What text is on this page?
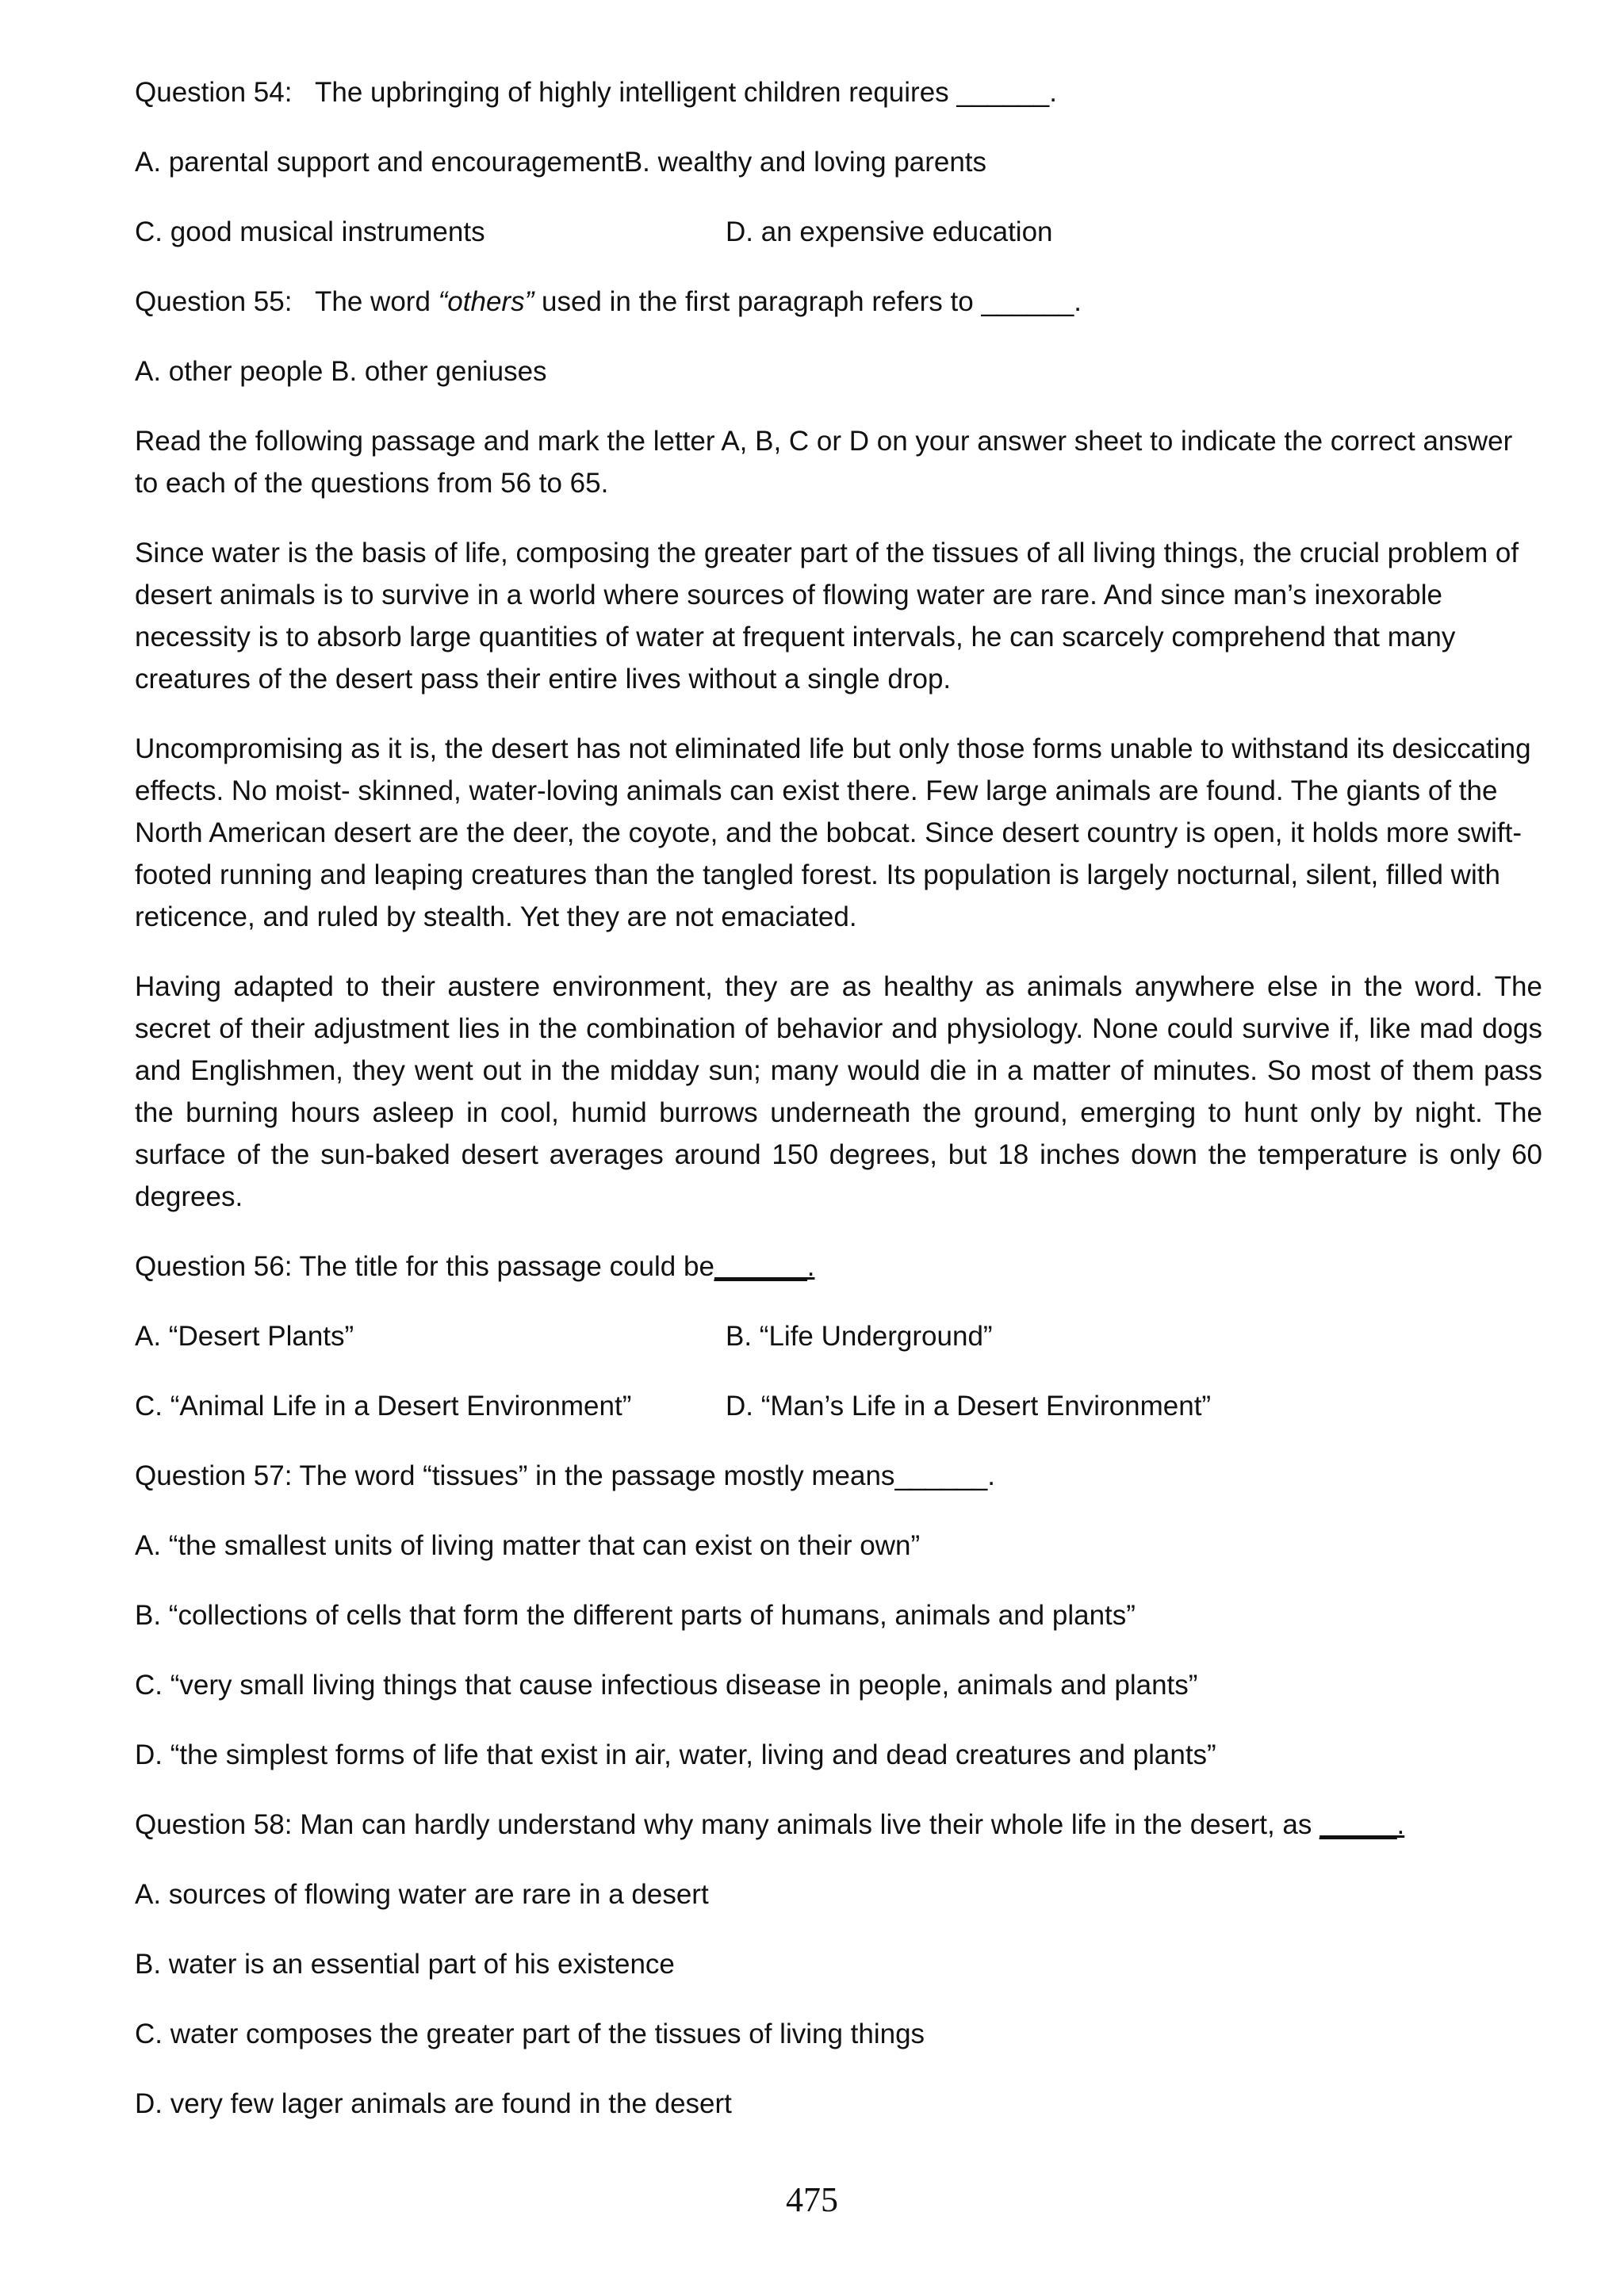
Question 54: The upbringing of highly intelligent children requires ______.
A. parental support and encouragement B. wealthy and loving parents
C. good musical instruments	D. an expensive education
Question 55: The word “others” used in the first paragraph refers to ______.
A. other people
B. other geniuses
Read the following passage and mark the letter A, B, C or D on your answer sheet to indicate the correct answer to each of the questions from 56 to 65.
Since water is the basis of life, composing the greater part of the tissues of all living things, the crucial problem of desert animals is to survive in a world where sources of flowing water are rare. And since man’s inexorable necessity is to absorb large quantities of water at frequent intervals, he can scarcely comprehend that many creatures of the desert pass their entire lives without a single drop.
Uncompromising as it is, the desert has not eliminated life but only those forms unable to withstand its desiccating effects. No moist- skinned, water-loving animals can exist there. Few large animals are found. The giants of the North American desert are the deer, the coyote, and the bobcat. Since desert country is open, it holds more swift-footed running and leaping creatures than the tangled forest. Its population is largely nocturnal, silent, filled with reticence, and ruled by stealth. Yet they are not emaciated.
Having adapted to their austere environment, they are as healthy as animals anywhere else in the word. The secret of their adjustment lies in the combination of behavior and physiology. None could survive if, like mad dogs and Englishmen, they went out in the midday sun; many would die in a matter of minutes. So most of them pass the burning hours asleep in cool, humid burrows underneath the ground, emerging to hunt only by night. The surface of the sun-baked desert averages around 150 degrees, but 18 inches down the temperature is only 60 degrees.
Question 56: The title for this passage could be______.
A. “Desert Plants”	B. “Life Underground”
C. “Animal Life in a Desert Environment”	D. “Man’s Life in a Desert Environment”
Question 57: The word “tissues” in the passage mostly means______.
A. “the smallest units of living matter that can exist on their own”
B. “collections of cells that form the different parts of humans, animals and plants”
C. “very small living things that cause infectious disease in people, animals and plants”
D. “the simplest forms of life that exist in air, water, living and dead creatures and plants”
Question 58: Man can hardly understand why many animals live their whole life in the desert, as _____.
A. sources of flowing water are rare in a desert
B. water is an essential part of his existence
C. water composes the greater part of the tissues of living things
D. very few lager animals are found in the desert
475
